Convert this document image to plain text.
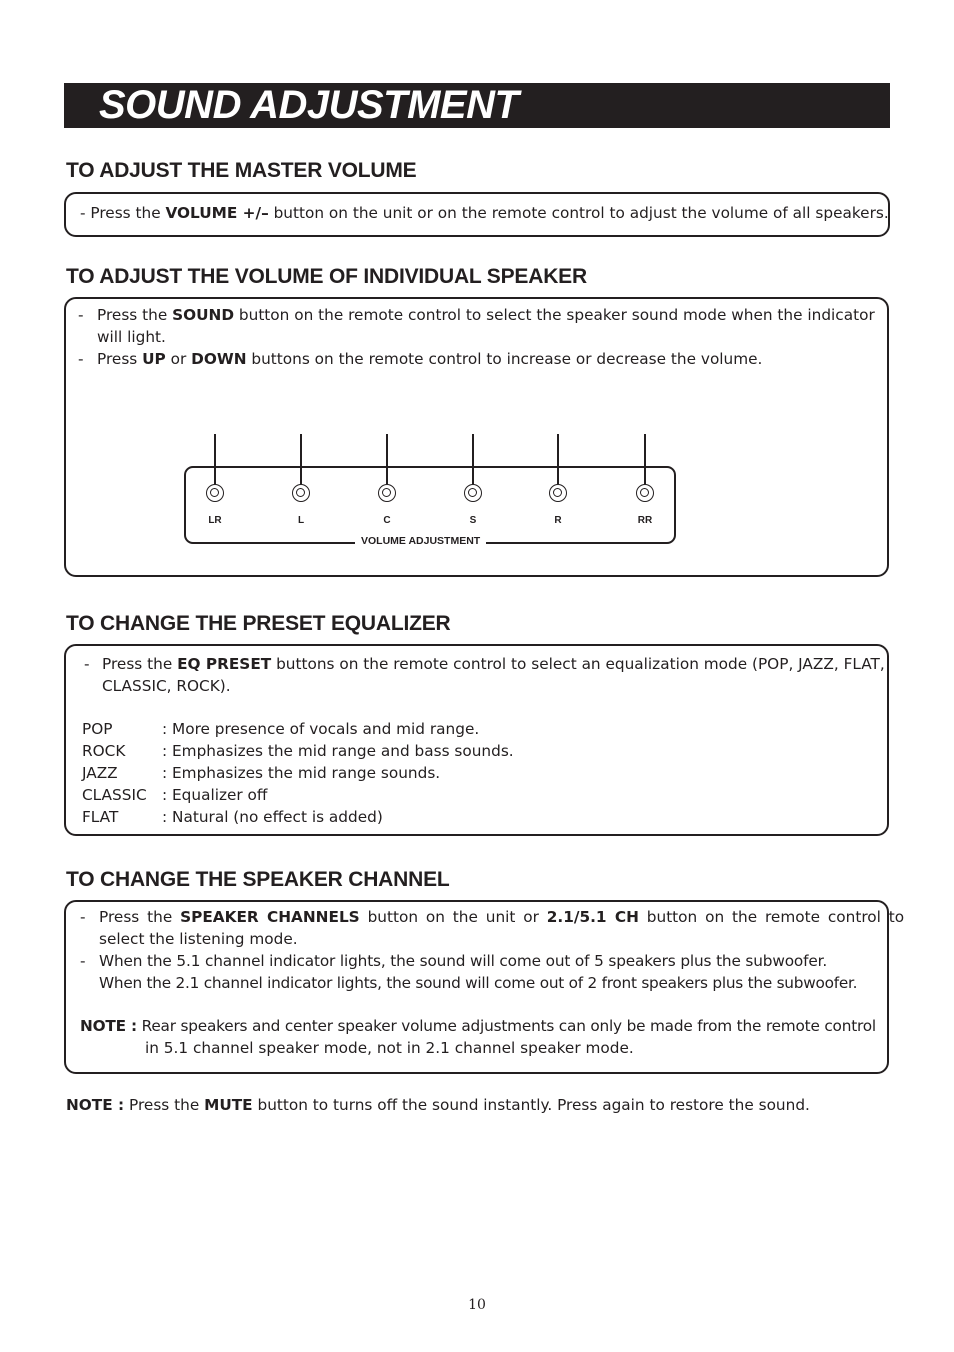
SOUND ADJUSTMENT
TO ADJUST THE MASTER VOLUME
- Press the VOLUME +/– button on the unit or on the remote control to adjust the volume of all speakers.
TO ADJUST THE VOLUME OF INDIVIDUAL SPEAKER
- Press the SOUND button on the remote control to select the speaker sound mode when the indicator
will light.
- Press UP or DOWN buttons on the remote control to increase or decrease the volume.
LR	L	C	S	R	RR
VOLUME ADJUSTMENT
TO CHANGE THE PRESET EQUALIZER
- Press the EQ PRESET buttons on the remote control to select an equalization mode (POP, JAZZ, FLAT,
CLASSIC, ROCK).
POP	: More presence of vocals and mid range.
ROCK : Emphasizes the mid range and bass sounds.
JAZZ	: Emphasizes the mid range sounds.
CLASSIC : Equalizer off
FLAT	: Natural (no effect is added)
TO CHANGE THE SPEAKER CHANNEL
- Press the SPEAKER CHANNELS button on the unit or 2.1/5.1 CH button on the remote control to
select the listening mode.
- When the 5.1 channel indicator lights, the sound will come out of 5 speakers plus the subwoofer.
When the 2.1 channel indicator lights, the sound will come out of 2 front speakers plus the subwoofer.
NOTE : Rear speakers and center speaker volume adjustments can only be made from the remote control
in 5.1 channel speaker mode, not in 2.1 channel speaker mode.
NOTE : Press the MUTE button to turns off the sound instantly. Press again to restore the sound.
10
